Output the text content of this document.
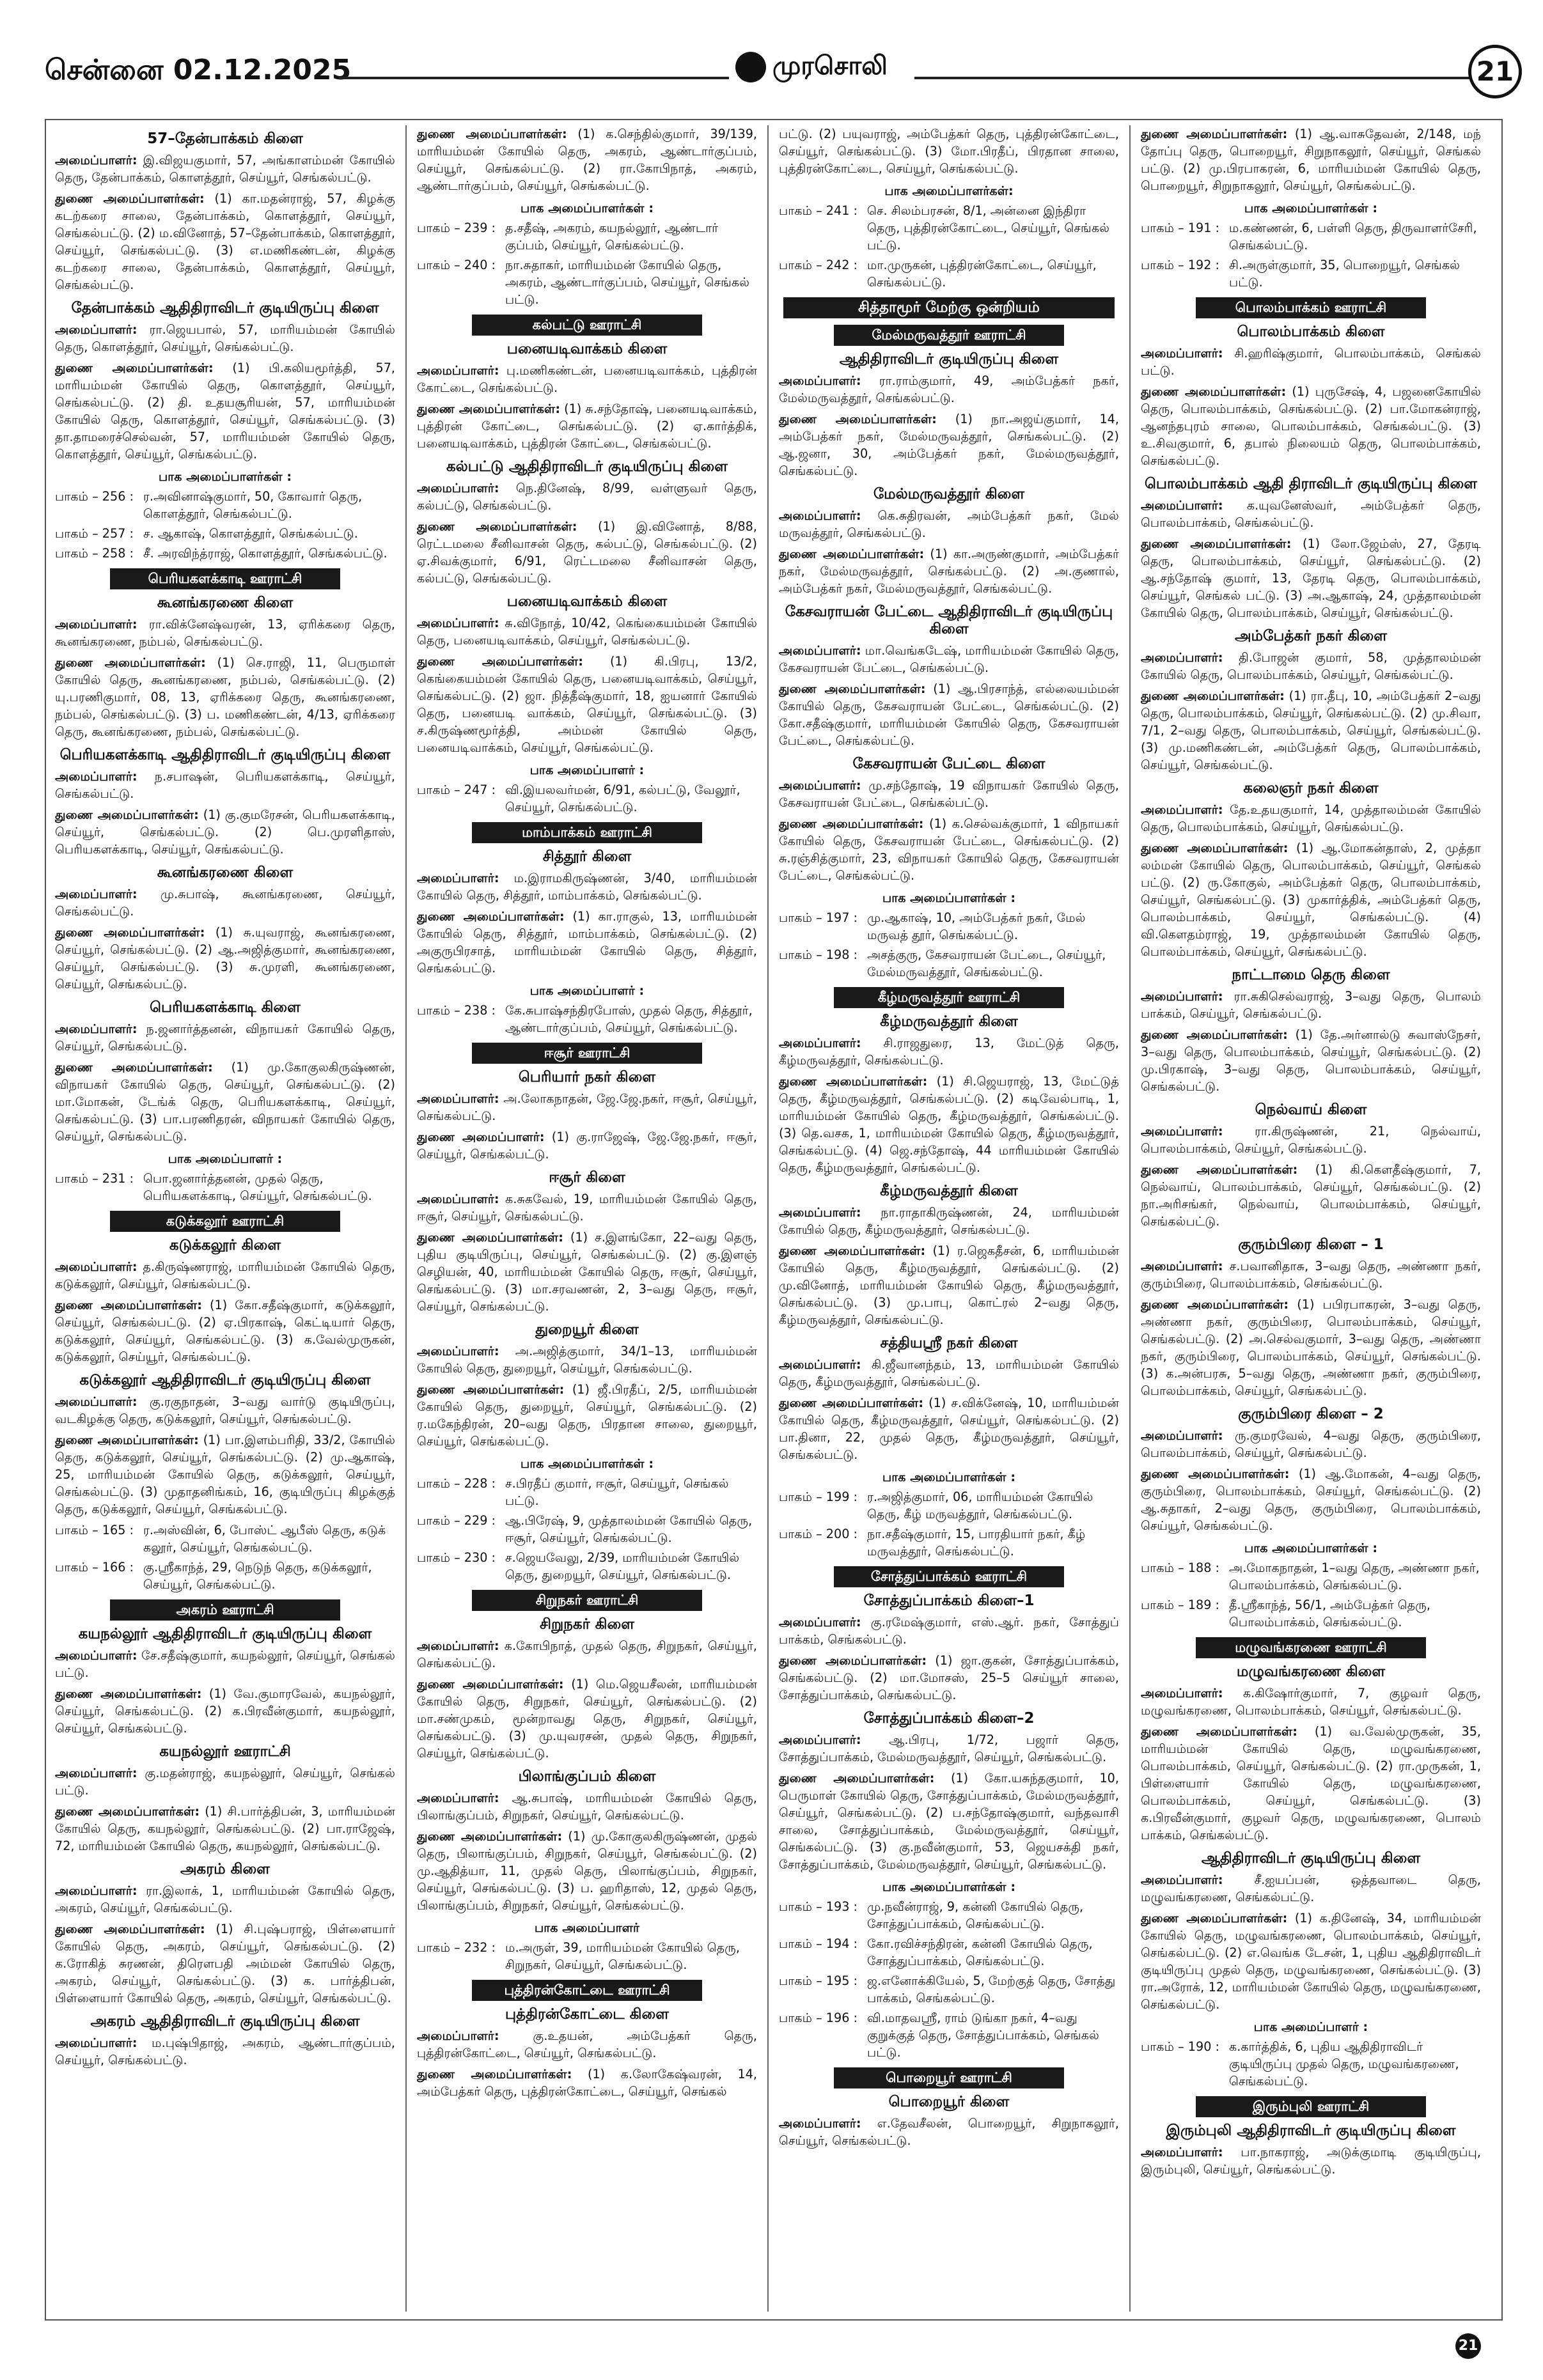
சென்னை 02.12.2025	முரசொலி	21
57–தேன்பாக்கம் கிளை
அமைப்பாளர்: இ.விஜயகுமார், 57, அங்காளம்மன் கோயில் தெரு, தேன்பாக்கம், கொளத்தூர், செய்யூர், செங்கல்பட்டு.
துணை அமைப்பாளர்கள்: (1) கா.மதன்ராஜ், 57, கிழக்கு கடற்கரை சாலை, தேன்பாக்கம், கொளத்தூர், செய்யூர், செங்கல்பட்டு. (2) ம.வினோத், 57–தேன்பாக்கம், கொளத்தூர், செய்யூர், செங்கல்பட்டு. (3) எ.மணிகண்டன், கிழக்கு கடற்கரை சாலை, தேன்பாக்கம், கொளத்தூர், செய்யூர், செங்கல்பட்டு.
தேன்பாக்கம் ஆதிதிராவிடர் குடியிருப்பு கிளை
அமைப்பாளர்: ரா.ஜெயபால், 57, மாரியம்மன் கோயில் தெரு, கொளத்தூர், செய்யூர், செங்கல்பட்டு.
துணை அமைப்பாளர்கள்: (1) பி.கலியமூர்த்தி, 57, மாரியம்மன் கோயில் தெரு, கொளத்தூர், செய்யூர், செங்கல்பட்டு. (2) தி. உதயசூரியன், 57, மாரியம்மன் கோயில் தெரு, கொளத்தூர், செய்யூர், செங்கல்பட்டு. (3) தா.தாமரைச்செல்வன், 57, மாரியம்மன் கோயில் தெரு, கொளத்தூர், செய்யூர், செங்கல்பட்டு.
பாக அமைப்பாளர்கள் :
பாகம் – 256 : ர.அவினாஷ்குமார், 50, கோவார் தெரு, கொளத்தூர், செங்கல்பட்டு.
பாகம் – 257 : ச. ஆகாஷ், கொளத்தூர், செங்கல்பட்டு.
பாகம் – 258 : சீ. அரவிந்த்ராஜ், கொளத்தூர், செங்கல்பட்டு.
பெரியகளக்காடி ஊராட்சி
கூனங்கரணை கிளை
அமைப்பாளர்: ரா.விக்னேஷ்வரன், 13, ஏரிக்கரை தெரு, கூனங்கரணை, நம்பல், செங்கல்பட்டு.
துணை அமைப்பாளர்கள்: (1) செ.ராஜி, 11, பெருமாள் கோயில் தெரு, கூனங்கரணை, நம்பல், செங்கல்பட்டு. (2) யு.பரணிகுமார், 08, 13, ஏரிக்கரை தெரு, கூனங்கரணை, நம்பல், செங்கல்பட்டு. (3) ப. மணிகண்டன், 4/13, ஏரிக்கரை தெரு, கூனங்கரணை, நம்பல், செங்கல்பட்டு.
பெரியகளக்காடி ஆதிதிராவிடர் குடியிருப்பு கிளை
அமைப்பாளர்: ந.சபாஷன், பெரியகளக்காடி, செய்யூர், செங்கல்பட்டு.
துணை அமைப்பாளர்கள்: (1) கு.குமரேசன், பெரியகளக்காடி, செய்யூர், செங்கல்பட்டு. (2) பெ.முரளிதாஸ், பெரியகளக்காடி, செய்யூர், செங்கல்பட்டு.
கூனங்கரணை கிளை
அமைப்பாளர்: மு.சுபாஷ், கூனங்கரணை, செய்யூர், செங்கல்பட்டு.
துணை அமைப்பாளர்கள்: (1) சு.யுவராஜ், கூனங்கரணை, செய்யூர், செங்கல்பட்டு. (2) ஆ.அஜித்குமார், கூனங்கரணை, செய்யூர், செங்கல்பட்டு. (3) சு.முரளி, கூனங்கரணை, செய்யூர், செங்கல்பட்டு.
பெரியகளக்காடி கிளை
அமைப்பாளர்: ந.ஜனார்த்தனன், விநாயகர் கோயில் தெரு, செய்யூர், செங்கல்பட்டு.
துணை அமைப்பாளர்கள்: (1) மு.கோகுலகிருஷ்ணன், விநாயகர் கோயில் தெரு, செய்யூர், செங்கல்பட்டு. (2) மா.மோகன், டேங்க் தெரு, பெரியகளக்காடி, செய்யூர், செங்கல்பட்டு. (3) பா.பரணிதரன், விநாயகர் கோயில் தெரு, செய்யூர், செங்கல்பட்டு.
பாக அமைப்பாளர் :
பாகம் – 231 : பொ.ஜனார்த்தனன், முதல் தெரு, பெரியகளக்காடி, செய்யூர், செங்கல்பட்டு.
கடுக்கலூர் ஊராட்சி
கடுக்கலூர் கிளை
அமைப்பாளர்: த.கிருஷ்ணராஜ், மாரியம்மன் கோயில் தெரு, கடுக்கலூர், செய்யூர், செங்கல்பட்டு.
துணை அமைப்பாளர்கள்: (1) கோ.சதீஷ்குமார், கடுக்கலூர், செய்யூர், செங்கல்பட்டு. (2) ஏ.பிரகாஷ், கெட்டியார் தெரு, கடுக்கலூர், செய்யூர், செங்கல்பட்டு. (3) க.வேல்முருகன், கடுக்கலூர், செய்யூர், செங்கல்பட்டு.
கடுக்கலூர் ஆதிதிராவிடர் குடியிருப்பு கிளை
அமைப்பாளர்: கு.ரகுநாதன், 3–வது வார்டு குடியிருப்பு, வடகிழக்கு தெரு, கடுக்கலூர், செய்யூர், செங்கல்பட்டு.
துணை அமைப்பாளர்கள்: (1) பா.இளம்பரிதி, 33/2, கோயில் தெரு, கடுக்கலூர், செய்யூர், செங்கல்பட்டு. (2) மு.ஆகாஷ், 25, மாரியம்மன் கோயில் தெரு, கடுக்கலூர், செய்யூர், செங்கல்பட்டு. (3) முதாதனிங்கம், 16, குடியிருப்பு கிழக்குத் தெரு, கடுக்கலூர், செய்யூர், செங்கல்பட்டு.
பாகம் – 165 : ர.அஸ்வின், 6, போஸ்ட் ஆபீஸ் தெரு, கடுக் கலூர், செய்யூர், செங்கல்பட்டு.
பாகம் – 166 : கு.ஸ்ரீகாந்த், 29, நெடுந் தெரு, கடுக்கலூர், செய்யூர், செங்கல்பட்டு.
அகரம் ஊராட்சி
கயநல்லூர் ஆதிதிராவிடர் குடியிருப்பு கிளை
அமைப்பாளர்: சே.சதீஷ்குமார், கயநல்லூர், செய்யூர், செங்கல் பட்டு.
துணை அமைப்பாளர்கள்: (1) வே.குமாரவேல், கயநல்லூர், செய்யூர், செங்கல்பட்டு. (2) க.பிரவீன்குமார், கயநல்லூர், செய்யூர், செங்கல்பட்டு.
கயநல்லூர் ஊராட்சி
அமைப்பாளர்: கு.மதன்ராஜ், கயநல்லூர், செய்யூர், செங்கல் பட்டு.
துணை அமைப்பாளர்கள்: (1) சி.பார்த்திபன், 3, மாரியம்மன் கோயில் தெரு, கயநல்லூர், செங்கல்பட்டு. (2) பா.ராஜேஷ், 72, மாரியம்மன் கோயில் தெரு, கயநல்லூர், செங்கல்பட்டு.
அகரம் கிளை
அமைப்பாளர்: ரா.இலாக், 1, மாரியம்மன் கோயில் தெரு, அகரம், செய்யூர், செங்கல்பட்டு.
துணை அமைப்பாளர்கள்: (1) சி.புஷ்பராஜ், பிள்ளையார் கோயில் தெரு, அகரம், செய்யூர், செங்கல்பட்டு. (2) க.ரோகித் சுரணன், திரௌபதி அம்மன் கோயில் தெரு, அகரம், செய்யூர், செங்கல்பட்டு. (3) க. பார்த்திபன், பிள்ளையார் கோயில் தெரு, அகரம், செய்யூர், செங்கல்பட்டு.
அகரம் ஆதிதிராவிடர் குடியிருப்பு கிளை
அமைப்பாளர்: ம.புஷ்பிதாஜ், அகரம், ஆண்டார்குப்பம், செய்யூர், செங்கல்பட்டு.
துணை அமைப்பாளர்கள்: (1) க.செந்தில்குமார், 39/139, மாரியம்மன் கோயில் தெரு, அகரம், ஆண்டார்குப்பம், செய்யூர், செங்கல்பட்டு. (2) ரா.கோபிநாத், அகரம், ஆண்டார்குப்பம், செய்யூர், செங்கல்பட்டு.
பாக அமைப்பாளர்கள் :
பாகம் – 239 : த.சதீஷ், அகரம், கயநல்லூர், ஆண்டார் குப்பம், செய்யூர், செங்கல்பட்டு.
பாகம் – 240 : நா.சுதாகர், மாரியம்மன் கோயில் தெரு, அகரம், ஆண்டார்குப்பம், செய்யூர், செங்கல் பட்டு.
கல்பட்டு ஊராட்சி
பனையடிவாக்கம் கிளை
அமைப்பாளர்: பு.மணிகண்டன், பனையடிவாக்கம், புத்திரன் கோட்டை, செங்கல்பட்டு.
துணை அமைப்பாளர்கள்: (1) சு.சந்தோஷ், பனையடிவாக்கம், புத்திரன் கோட்டை, செங்கல்பட்டு. (2) ஏ.கார்த்திக், பனையடிவாக்கம், புத்திரன் கோட்டை, செங்கல்பட்டு.
கல்பட்டு ஆதிதிராவிடர் குடியிருப்பு கிளை
அமைப்பாளர்: நெ.தினேஷ், 8/99, வள்ளுவர் தெரு, கல்பட்டு, செங்கல்பட்டு.
துணை அமைப்பாளர்கள்: (1) இ.வினோத், 8/88, ரெட்டமலை சீனிவாசன் தெரு, கல்பட்டு, செங்கல்பட்டு. (2) ஏ.சிவக்குமார், 6/91, ரெட்டமலை சீனிவாசன் தெரு, கல்பட்டு, செங்கல்பட்டு.
பனையடிவாக்கம் கிளை
அமைப்பாளர்: சு.விநோத், 10/42, கெங்கையம்மன் கோயில் தெரு, பனையடிவாக்கம், செய்யூர், செங்கல்பட்டு.
துணை அமைப்பாளர்கள்: (1) கி.பிரபு, 13/2, கெங்கையம்மன் கோயில் தெரு, பனையடிவாக்கம், செய்யூர், செங்கல்பட்டு. (2) ஜா. நித்தீஷ்குமார், 18, ஐயனார் கோயில் தெரு, பனையடி வாக்கம், செய்யூர், செங்கல்பட்டு. (3) ச.கிருஷ்ணமூர்த்தி, அம்மன் கோயில் தெரு, பனையடிவாக்கம், செய்யூர், செங்கல்பட்டு.
பாக அமைப்பாளர் :
பாகம் – 247 : வி.இயலவர்மன், 6/91, கல்பட்டு, வேலூர், செய்யூர், செங்கல்பட்டு.
மாம்பாக்கம் ஊராட்சி
சித்தூர் கிளை
அமைப்பாளர்: ம.இராமகிருஷ்ணன், 3/40, மாரியம்மன் கோயில் தெரு, சித்தூர், மாம்பாக்கம், செங்கல்பட்டு.
துணை அமைப்பாளர்கள்: (1) கா.ராகுல், 13, மாரியம்மன் கோயில் தெரு, சித்தூர், மாம்பாக்கம், செங்கல்பட்டு. (2) அகுருபிரசாத், மாரியம்மன் கோயில் தெரு, சித்தூர், செங்கல்பட்டு.
பாக அமைப்பாளர் :
பாகம் – 238 : கே.சுபாஷ்சந்திரபோஸ், முதல் தெரு, சித்தூர், ஆண்டார்குப்பம், செய்யூர், செங்கல்பட்டு.
ஈசூர் ஊராட்சி
பெரியார் நகர் கிளை
அமைப்பாளர்: அ.லோகநாதன், ஜே.ஜே.நகர், ஈசூர், செய்யூர், செங்கல்பட்டு.
துணை அமைப்பாளர்: (1) கு.ராஜேஷ், ஜே.ஜே.நகர், ஈசூர், செய்யூர், செங்கல்பட்டு.
ஈசூர் கிளை
அமைப்பாளர்: க.சுகவேல், 19, மாரியம்மன் கோயில் தெரு, ஈசூர், செய்யூர், செங்கல்பட்டு.
துணை அமைப்பாளர்கள்: (1) ச.இளங்கோ, 22–வது தெரு, புதிய குடியிருப்பு, செய்யூர், செங்கல்பட்டு. (2) கு.இளஞ் செழியன், 40, மாரியம்மன் கோயில் தெரு, ஈசூர், செய்யூர், செங்கல்பட்டு. (3) மா.சரவணன், 2, 3–வது தெரு, ஈசூர், செய்யூர், செங்கல்பட்டு.
துறையூர் கிளை
அமைப்பாளர்: அ.அஜித்குமார், 34/1–13, மாரியம்மன் கோயில் தெரு, துறையூர், செய்யூர், செங்கல்பட்டு.
துணை அமைப்பாளர்கள்: (1) ஜீ.பிரதீப், 2/5, மாரியம்மன் கோயில் தெரு, துறையூர், செய்யூர், செங்கல்பட்டு. (2) ர.மகேந்திரன், 20–வது தெரு, பிரதான சாலை, துறையூர், செய்யூர், செங்கல்பட்டு.
பாக அமைப்பாளர்கள் :
பாகம் – 228 : ச.பிரதீப் குமார், ஈசூர், செய்யூர், செங்கல் பட்டு.
பாகம் – 229 : ஆ.பிரேஷ், 9, முத்தாலம்மன் கோயில் தெரு, ஈசூர், செய்யூர், செங்கல்பட்டு.
பாகம் – 230 : ச.ஜெயவேலு, 2/39, மாரியம்மன் கோயில் தெரு, துறையூர், செய்யூர், செங்கல்பட்டு.
சிறுநகர் ஊராட்சி
சிறுநகர் கிளை
அமைப்பாளர்: க.கோபிநாத், முதல் தெரு, சிறுநகர், செய்யூர், செங்கல்பட்டு.
துணை அமைப்பாளர்கள்: (1) மெ.ஜெயசீலன், மாரியம்மன் கோயில் தெரு, சிறுநகர், செய்யூர், செங்கல்பட்டு. (2) மா.சண்முகம், மூன்றாவது தெரு, சிறுநகர், செய்யூர், செங்கல்பட்டு. (3) மு.யுவரசன், முதல் தெரு, சிறுநகர், செய்யூர், செங்கல்பட்டு.
பிலாங்குப்பம் கிளை
அமைப்பாளர்: ஆ.சுபாஷ், மாரியம்மன் கோயில் தெரு, பிலாங்குப்பம், சிறுநகர், செய்யூர், செங்கல்பட்டு.
துணை அமைப்பாளர்கள்: (1) மு.கோகுலகிருஷ்ணன், முதல் தெரு, பிலாங்குப்பம், சிறுநகர், செய்யூர், செங்கல்பட்டு. (2) மு.ஆதித்யா, 11, முதல் தெரு, பிலாங்குப்பம், சிறுநகர், செய்யூர், செங்கல்பட்டு. (3) ப. ஹரிதாஸ், 12, முதல் தெரு, பிலாங்குப்பம், சிறுநகர், செய்யூர், செங்கல்பட்டு.
பாக அமைப்பாளர்
பாகம் – 232 : ம.அருள், 39, மாரியம்மன் கோயில் தெரு, சிறுநகர், செய்யூர், செங்கல்பட்டு.
புத்திரன்கோட்டை ஊராட்சி
புத்திரன்கோட்டை கிளை
அமைப்பாளர்: கு.உதயன், அம்பேத்கர் தெரு, புத்திரன்கோட்டை, செய்யூர், செங்கல்பட்டு.
துணை அமைப்பாளர்கள்: (1) க.லோகேஷ்வரன், 14, அம்பேத்கர் தெரு, புத்திரன்கோட்டை, செய்யூர், செங்கல்
பட்டு. (2) பயுவராஜ், அம்பேத்கர் தெரு, புத்திரன்கோட்டை, செய்யூர், செங்கல்பட்டு. (3) மோ.பிரதீப், பிரதான சாலை, புத்திரன்கோட்டை, செய்யூர், செங்கல்பட்டு.
பாக அமைப்பாளர்கள்:
பாகம் – 241 : செ. சிலம்பரசன், 8/1, அன்னை இந்திரா தெரு, புத்திரன்கோட்டை, செய்யூர், செங்கல் பட்டு.
பாகம் – 242 : மா.முருகன், புத்திரன்கோட்டை, செய்யூர், செங்கல்பட்டு.
சித்தாமூர் மேற்கு ஒன்றியம்
மேல்மருவத்தூர் ஊராட்சி
ஆதிதிராவிடர் குடியிருப்பு கிளை
அமைப்பாளர்: ரா.ராம்குமார், 49, அம்பேத்கர் நகர், மேல்மருவத்தூர், செங்கல்பட்டு.
துணை அமைப்பாளர்கள்: (1) நா.அஜய்குமார், 14, அம்பேத்கர் நகர், மேல்மருவத்தூர், செங்கல்பட்டு. (2) ஆ.ஜனா, 30, அம்பேத்கர் நகர், மேல்மருவத்தூர், செங்கல்பட்டு.
மேல்மருவத்தூர் கிளை
அமைப்பாளர்: கெ.சுதிரவன், அம்பேத்கர் நகர், மேல் மருவத்தூர், செங்கல்பட்டு.
துணை அமைப்பாளர்கள்: (1) கா.அருண்குமார், அம்பேத்கர் நகர், மேல்மருவத்தூர், செங்கல்பட்டு. (2) அ.குணால், அம்பேத்கர் நகர், மேல்மருவத்தூர், செங்கல்பட்டு.
கேசவராயன் பேட்டை ஆதிதிராவிடர் குடியிருப்பு கிளை
அமைப்பாளர்: மா.வெங்கடேஷ், மாரியம்மன் கோயில் தெரு, கேசவராயன் பேட்டை, செங்கல்பட்டு.
துணை அமைப்பாளர்கள்: (1) ஆ.பிரசாந்த், எல்லையம்மன் கோயில் தெரு, கேசவராயன் பேட்டை, செங்கல்பட்டு. (2) கோ.சதீஷ்குமார், மாரியம்மன் கோயில் தெரு, கேசவராயன் பேட்டை, செங்கல்பட்டு.
கேசவராயன் பேட்டை கிளை
அமைப்பாளர்: மு.சந்தோஷ், 19 விநாயகர் கோயில் தெரு, கேசவராயன் பேட்டை, செங்கல்பட்டு.
துணை அமைப்பாளர்கள்: (1) க.செல்வக்குமார், 1 விநாயகர் கோயில் தெரு, கேசவராயன் பேட்டை, செங்கல்பட்டு. (2) சு.ரஞ்சித்குமார், 23, விநாயகர் கோயில் தெரு, கேசவராயன் பேட்டை, செங்கல்பட்டு.
பாக அமைப்பாளர்கள் :
பாகம் – 197 : மு.ஆகாஷ், 10, அம்பேத்கர் நகர், மேல் மருவத் தூர், செங்கல்பட்டு.
பாகம் – 198 : அசத்குரு, கேசவராயன் பேட்டை, செய்யூர், மேல்மருவத்தூர், செங்கல்பட்டு.
கீழ்மருவத்தூர் ஊராட்சி
கீழ்மருவத்தூர் கிளை
அமைப்பாளர்: சி.ராஜதுரை, 13, மேட்டுத் தெரு, கீழ்மருவத்தூர், செங்கல்பட்டு.
துணை அமைப்பாளர்கள்: (1) சி.ஜெயராஜ், 13, மேட்டுத் தெரு, கீழ்மருவத்தூர், செங்கல்பட்டு. (2) கடிவேல்பாடி, 1, மாரியம்மன் கோயில் தெரு, கீழ்மருவத்தூர், செங்கல்பட்டு. (3) தெ.வசக, 1, மாரியம்மன் கோயில் தெரு, கீழ்மருவத்தூர், செங்கல்பட்டு. (4) ஜெ.சந்தோஷ், 44 மாரியம்மன் கோயில் தெரு, கீழ்மருவத்தூர், செங்கல்பட்டு.
கீழ்மருவத்தூர் கிளை
அமைப்பாளர்: நா.ராதாகிருஷ்ணன், 24, மாரியம்மன் கோயில் தெரு, கீழ்மருவத்தூர், செங்கல்பட்டு.
துணை அமைப்பாளர்கள்: (1) ர.ஜெகதீசன், 6, மாரியம்மன் கோயில் தெரு, கீழ்மருவத்தூர், செங்கல்பட்டு. (2) மு.வினோத், மாரியம்மன் கோயில் தெரு, கீழ்மருவத்தூர், செங்கல்பட்டு. (3) மு.பாபு, கொட்ரல் 2–வது தெரு, கீழ்மருவத்தூர், செங்கல்பட்டு.
சத்தியஸ்ரீ நகர் கிளை
அமைப்பாளர்: கி.ஜீவானந்தம், 13, மாரியம்மன் கோயில் தெரு, கீழ்மருவத்தூர், செங்கல்பட்டு.
துணை அமைப்பாளர்கள்: (1) ச.விக்னேஷ், 10, மாரியம்மன் கோயில் தெரு, கீழ்மருவத்தூர், செய்யூர், செங்கல்பட்டு. (2) பா.தினா, 22, முதல் தெரு, கீழ்மருவத்தூர், செய்யூர், செங்கல்பட்டு.
பாக அமைப்பாளர்கள் :
பாகம் – 199 : ர.அஜித்குமார், 06, மாரியம்மன் கோயில் தெரு, கீழ் மருவத்தூர், செங்கல்பட்டு.
பாகம் – 200 : நா.சதீஷ்குமார், 15, பாரதியார் நகர், கீழ் மருவத்தூர், செங்கல்பட்டு.
சோத்துப்பாக்கம் ஊராட்சி
சோத்துப்பாக்கம் கிளை–1
அமைப்பாளர்: கு.ரமேஷ்குமார், எஸ்.ஆர். நகர், சோத்துப் பாக்கம், செங்கல்பட்டு.
துணை அமைப்பாளர்கள்: (1) ஜா.குகன், சோத்துப்பாக்கம், செங்கல்பட்டு. (2) மா.மோசஸ், 25–5 செய்யூர் சாலை, சோத்துப்பாக்கம், செங்கல்பட்டு.
சோத்துப்பாக்கம் கிளை–2
அமைப்பாளர்: ஆ.பிரபு, 1/72, பஜார் தெரு, சோத்துப்பாக்கம், மேல்மருவத்தூர், செய்யூர், செங்கல்பட்டு.
துணை அமைப்பாளர்கள்: (1) கோ.யசுந்தகுமார், 10, பெருமாள் கோயில் தெரு, சோத்துப்பாக்கம், மேல்மருவத்தூர், செய்யூர், செங்கல்பட்டு. (2) ப.சந்தோஷ்குமார், வந்தவாசி சாலை, சோத்துப்பாக்கம், மேல்மருவத்தூர், செய்யூர், செங்கல்பட்டு. (3) கு.நவீன்குமார், 53, ஜெயசக்தி நகர், சோத்துப்பாக்கம், மேல்மருவத்தூர், செய்யூர், செங்கல்பட்டு.
பாக அமைப்பாளர்கள் :
பாகம் – 193 : மு.நவீன்ராஜ், 9, கன்னி கோயில் தெரு, சோத்துப்பாக்கம், செங்கல்பட்டு.
பாகம் – 194 : கோ.ரவிச்சந்திரன், கன்னி கோயில் தெரு, சோத்துப்பாக்கம், செங்கல்பட்டு.
பாகம் – 195 : ஜ.எனோக்கியேல், 5, மேற்குத் தெரு, சோத்து பாக்கம், செங்கல்பட்டு.
பாகம் – 196 : வி.மாதவஸ்ரீ, ராம் டுங்கா நகர், 4–வது குறுக்குத் தெரு, சோத்துப்பாக்கம், செங்கல் பட்டு.
பொறையூர் ஊராட்சி
பொறையூர் கிளை
அமைப்பாளர்: எ.தேவசீலன், பொறையூர், சிறுநாகலூர், செய்யூர், செங்கல்பட்டு.
துணை அமைப்பாளர்கள்: (1) ஆ.வாசுதேவன், 2/148, மந் தோப்பு தெரு, பொறையூர், சிறுநாகலூர், செய்யூர், செங்கல் பட்டு. (2) மு.பிரபாகரன், 6, மாரியம்மன் கோயில் தெரு, பொறையூர், சிறுநாகலூர், செய்யூர், செங்கல்பட்டு.
பாக அமைப்பாளர்கள் :
பாகம் – 191 : ம.கண்ணன், 6, பள்ளி தெரு, திருவாளர்சேரி, செங்கல்பட்டு.
பாகம் – 192 : சி.அருள்குமார், 35, பொறையூர், செங்கல் பட்டு.
பொலம்பாக்கம் ஊராட்சி
பொலம்பாக்கம் கிளை
அமைப்பாளர்: சி.ஹரிஷ்குமார், பொலம்பாக்கம், செங்கல் பட்டு.
துணை அமைப்பாளர்கள்: (1) புருசேஷ், 4, பஜனைகோயில் தெரு, பொலம்பாக்கம், செங்கல்பட்டு. (2) பா.மோகன்ராஜ், ஆனந்தபுரம் சாலை, பொலம்பாக்கம், செங்கல்பட்டு. (3) உ.சிவகுமார், 6, தபால் நிலையம் தெரு, பொலம்பாக்கம், செங்கல்பட்டு.
பொலம்பாக்கம் ஆதி திராவிடர் குடியிருப்பு கிளை
அமைப்பாளர்: க.யுவனேஸ்வர், அம்பேத்கர் தெரு, பொலம்பாக்கம், செங்கல்பட்டு.
துணை அமைப்பாளர்கள்: (1) லோ.ஜேம்ஸ், 27, தேரடி தெரு, பொலம்பாக்கம், செய்யூர், செங்கல்பட்டு. (2) ஆ.சந்தோஷ் குமார், 13, தேரடி தெரு, பொலம்பாக்கம், செய்யூர், செங்கல் பட்டு. (3) அ.ஆகாஷ், 24, முத்தாலம்மன் கோயில் தெரு, பொலம்பாக்கம், செய்யூர், செங்கல்பட்டு.
அம்பேத்கர் நகர் கிளை
அமைப்பாளர்: தி.போஜன் குமார், 58, முத்தாலம்மன் கோயில் தெரு, பொலம்பாக்கம், செய்யூர், செங்கல்பட்டு.
துணை அமைப்பாளர்கள்: (1) ரா.தீபு, 10, அம்பேத்கர் 2–வது தெரு, பொலம்பாக்கம், செய்யூர், செங்கல்பட்டு. (2) மு.சிவா, 7/1, 2–வது தெரு, பொலம்பாக்கம், செய்யூர், செங்கல்பட்டு. (3) மு.மணிகண்டன், அம்பேத்கர் தெரு, பொலம்பாக்கம், செய்யூர், செங்கல்பட்டு.
கலைஞர் நகர் கிளை
அமைப்பாளர்: தே.உதயகுமார், 14, முத்தாலம்மன் கோயில் தெரு, பொலம்பாக்கம், செய்யூர், செங்கல்பட்டு.
துணை அமைப்பாளர்கள்: (1) ஆ.மோகன்தாஸ், 2, முத்தா லம்மன் கோயில் தெரு, பொலம்பாக்கம், செய்யூர், செங்கல் பட்டு. (2) ரு.கோகுல், அம்பேத்கர் தெரு, பொலம்பாக்கம், செய்யூர், செங்கல்பட்டு. (3) முகார்த்திக், அம்பேத்கர் தெரு, பொலம்பாக்கம், செய்யூர், செங்கல்பட்டு. (4) வி.கௌதம்ராஜ், 19, முத்தாலம்மன் கோயில் தெரு, பொலம்பாக்கம், செய்யூர், செங்கல்பட்டு.
நாட்டாமை தெரு கிளை
அமைப்பாளர்: ரா.சுகிசெல்வராஜ், 3–வது தெரு, பொலம் பாக்கம், செய்யூர், செங்கல்பட்டு.
துணை அமைப்பாளர்கள்: (1) தே.அர்னால்டு சுவாஸ்நேசர், 3–வது தெரு, பொலம்பாக்கம், செய்யூர், செங்கல்பட்டு. (2) மு.பிரகாஷ், 3–வது தெரு, பொலம்பாக்கம், செய்யூர், செங்கல்பட்டு.
நெல்வாய் கிளை
அமைப்பாளர்: ரா.கிருஷ்ணன், 21, நெல்வாய், பொலம்பாக்கம், செய்யூர், செங்கல்பட்டு.
துணை அமைப்பாளர்கள்: (1) கி.கௌதீஷ்குமார், 7, நெல்வாய், பொலம்பாக்கம், செய்யூர், செங்கல்பட்டு. (2) நா.அரிசங்கர், நெல்வாய், பொலம்பாக்கம், செய்யூர், செங்கல்பட்டு.
குரும்பிரை கிளை – 1
அமைப்பாளர்: ச.பவானிதாசு, 3–வது தெரு, அண்ணா நகர், குரும்பிரை, பொலம்பாக்கம், செங்கல்பட்டு.
துணை அமைப்பாளர்கள்: (1) பபிரபாகரன், 3–வது தெரு, அண்ணா நகர், குரும்பிரை, பொலம்பாக்கம், செய்யூர், செங்கல்பட்டு. (2) அ.செல்வகுமார், 3–வது தெரு, அண்ணா நகர், குரும்பிரை, பொலம்பாக்கம், செய்யூர், செங்கல்பட்டு. (3) க.அன்பரசு, 5–வது தெரு, அண்ணா நகர், குரும்பிரை, பொலம்பாக்கம், செய்யூர், செங்கல்பட்டு.
குரும்பிரை கிளை – 2
அமைப்பாளர்: ரு.குமரவேல், 4–வது தெரு, குரும்பிரை, பொலம்பாக்கம், செய்யூர், செங்கல்பட்டு.
துணை அமைப்பாளர்கள்: (1) ஆ.மோகன், 4–வது தெரு, குரும்பிரை, பொலம்பாக்கம், செய்யூர், செங்கல்பட்டு. (2) ஆ.சுதாகர், 2–வது தெரு, குரும்பிரை, பொலம்பாக்கம், செய்யூர், செங்கல்பட்டு.
பாக அமைப்பாளர்கள் :
பாகம் – 188 : அ.மோகநாதன், 1–வது தெரு, அண்ணா நகர், பொலம்பாக்கம், செங்கல்பட்டு.
பாகம் – 189 : தீ.ஸ்ரீகாந்த், 56/1, அம்பேத்கர் தெரு, பொலம்பாக்கம், செங்கல்பட்டு.
மழுவங்கரணை ஊராட்சி
மழுவங்கரணை கிளை
அமைப்பாளர்: க.கிஷோர்குமார், 7, குழவர் தெரு, மழுவங்கரணை, பொலம்பாக்கம், செய்யூர், செங்கல்பட்டு.
துணை அமைப்பாளர்கள்: (1) வ.வேல்முருகன், 35, மாரியம்மன் கோயில் தெரு, மழுவங்கரணை, பொலம்பாக்கம், செய்யூர், செங்கல்பட்டு. (2) ரா.முருகன், 1, பிள்ளையார் கோயில் தெரு, மழுவங்கரணை, பொலம்பாக்கம், செய்யூர், செங்கல்பட்டு. (3) க.பிரவீன்குமார், குழவர் தெரு, மழுவங்கரணை, பொலம் பாக்கம், செங்கல்பட்டு.
ஆதிதிராவிடர் குடியிருப்பு கிளை
அமைப்பாளர்: சீ.ஐயப்பன், ஒத்தவாடை தெரு, மழுவங்கரணை, செங்கல்பட்டு.
துணை அமைப்பாளர்கள்: (1) க.தினேஷ், 34, மாரியம்மன் கோயில் தெரு, மழுவங்கரணை, பொலம்பாக்கம், செய்யூர், செங்கல்பட்டு. (2) எ.வெங்க டேசன், 1, புதிய ஆதிதிராவிடர் குடியிருப்பு முதல் தெரு, மழுவங்கரணை, செங்கல்பட்டு. (3) ரா.அரோக், 12, மாரியம்மன் கோயில் தெரு, மழுவங்கரணை, செங்கல்பட்டு.
பாக அமைப்பாளர் :
பாகம் – 190 : க.கார்த்திக், 6, புதிய ஆதிதிராவிடர் குடியிருப்பு முதல் தெரு, மழுவங்கரணை, செங்கல்பட்டு.
இரும்புலி ஊராட்சி
இரும்புலி ஆதிதிராவிடர் குடியிருப்பு கிளை
அமைப்பாளர்: பா.நாகராஜ், அடுக்குமாடி குடியிருப்பு, இரும்புலி, செய்யூர், செங்கல்பட்டு.
21
